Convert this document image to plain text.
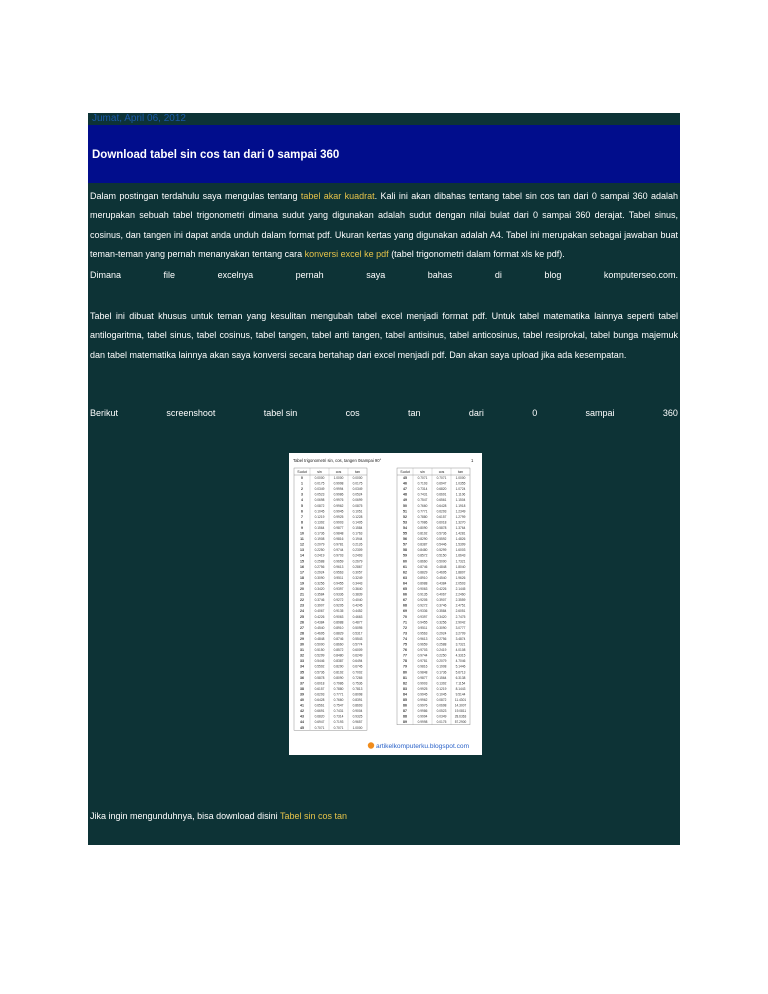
Jumat, April 06, 2012
Download tabel sin cos tan dari 0 sampai 360
Dalam postingan terdahulu saya mengulas tentang tabel akar kuadrat. Kali ini akan dibahas tentang tabel sin cos tan dari 0 sampai 360 adalah merupakan sebuah tabel trigonometri dimana sudut yang digunakan adalah sudut dengan nilai bulat dari 0 sampai 360 derajat. Tabel sinus, cosinus, dan tangen ini dapat anda unduh dalam format pdf. Ukuran kertas yang digunakan adalah A4. Tabel ini merupakan sebagai jawaban buat teman-teman yang pernah menanyakan tentang cara konversi excel ke pdf (tabel trigonometri dalam format xls ke pdf).
Dimana	file	excelnya	pernah	saya	bahas	di	blog	komputerseo.com.
Tabel ini dibuat khusus untuk teman yang kesulitan mengubah tabel excel menjadi format pdf. Untuk tabel matematika lainnya seperti tabel antilogaritma, tabel sinus, tabel cosinus, tabel tangen, tabel anti tangen, tabel antisinus, tabel anticosinus, tabel resiprokal, tabel bunga majemuk dan tabel matematika lainnya akan saya konversi secara bertahap dari excel menjadi pdf. Dan akan saya upload jika ada kesempatan.
Berikut	screenshoot	tabel sin	cos	tan	dari	0	sampai	360
Tabel trigonometri sin, cos, tangen 0sampai 90°	1
Sudut	sin	cos	tan
0	0.0000	1.0000	0.0000
1	0.0175	0.9998	0.0175
2	0.0349	0.9994	0.0349
3	0.0523	0.9986	0.0524
4	0.0698	0.9976	0.0699
5	0.0872	0.9962	0.0875
6	0.1045	0.9945	0.1051
7	0.1219	0.9925	0.1228
8	0.1392	0.9903	0.1405
9	0.1564	0.9877	0.1584
10	0.1736	0.9848	0.1763
11	0.1908	0.9816	0.1944
12	0.2079	0.9781	0.2126
13	0.2250	0.9744	0.2309
14	0.2419	0.9703	0.2493
15	0.2588	0.9659	0.2679
16	0.2756	0.9613	0.2867
17	0.2924	0.9563	0.3057
18	0.3090	0.9511	0.3249
19	0.3256	0.9455	0.3443
20	0.3420	0.9397	0.3640
21	0.3584	0.9336	0.3839
22	0.3746	0.9272	0.4040
23	0.3907	0.9205	0.4245
24	0.4067	0.9135	0.4452
25	0.4226	0.9063	0.4663
26	0.4384	0.8988	0.4877
27	0.4540	0.8910	0.5095
28	0.4695	0.8829	0.5317
29	0.4848	0.8746	0.5543
30	0.5000	0.8660	0.5774
31	0.5150	0.8572	0.6009
32	0.5299	0.8480	0.6249
33	0.5446	0.8387	0.6494
34	0.5592	0.8290	0.6745
35	0.5736	0.8192	0.7002
36	0.5878	0.8090	0.7265
37	0.6018	0.7986	0.7536
38	0.6157	0.7880	0.7813
39	0.6293	0.7771	0.8098
40	0.6428	0.7660	0.8391
41	0.6561	0.7547	0.8693
42	0.6691	0.7431	0.9004
43	0.6820	0.7314	0.9325
44	0.6947	0.7193	0.9657
45	0.7071	0.7071	1.0000
Sudut	sin	cos	tan
45	0.7071	0.7071	1.0000
46	0.7193	0.6947	1.0355
47	0.7314	0.6820	1.0724
48	0.7431	0.6691	1.1106
49	0.7547	0.6561	1.1504
50	0.7660	0.6428	1.1918
51	0.7771	0.6293	1.2349
52	0.7880	0.6157	1.2799
53	0.7986	0.6018	1.3270
54	0.8090	0.5878	1.3764
55	0.8192	0.5736	1.4281
56	0.8290	0.5592	1.4826
57	0.8387	0.5446	1.5399
58	0.8480	0.5299	1.6003
59	0.8572	0.5150	1.6643
60	0.8660	0.5000	1.7321
61	0.8746	0.4848	1.8040
62	0.8829	0.4695	1.8807
63	0.8910	0.4540	1.9626
64	0.8988	0.4384	2.0503
65	0.9063	0.4226	2.1445
66	0.9135	0.4067	2.2460
67	0.9205	0.3907	2.3559
68	0.9272	0.3746	2.4751
69	0.9336	0.3584	2.6051
70	0.9397	0.3420	2.7475
71	0.9455	0.3256	2.9042
72	0.9511	0.3090	3.0777
73	0.9563	0.2924	3.2709
74	0.9613	0.2756	3.4874
75	0.9659	0.2588	3.7321
76	0.9703	0.2419	4.0108
77	0.9744	0.2250	4.3315
78	0.9781	0.2079	4.7046
79	0.9816	0.1908	5.1446
80	0.9848	0.1736	5.6713
81	0.9877	0.1564	6.3138
82	0.9903	0.1392	7.1154
83	0.9925	0.1219	8.1443
84	0.9945	0.1045	9.5144
85	0.9962	0.0872	11.4301
86	0.9976	0.0698	14.3007
87	0.9986	0.0523	19.0811
88	0.9994	0.0349	28.6363
89	0.9998	0.0175	57.2900
artikelkomputerku.blogspot.com
Jika ingin mengunduhnya, bisa download disini Tabel sin cos tan
